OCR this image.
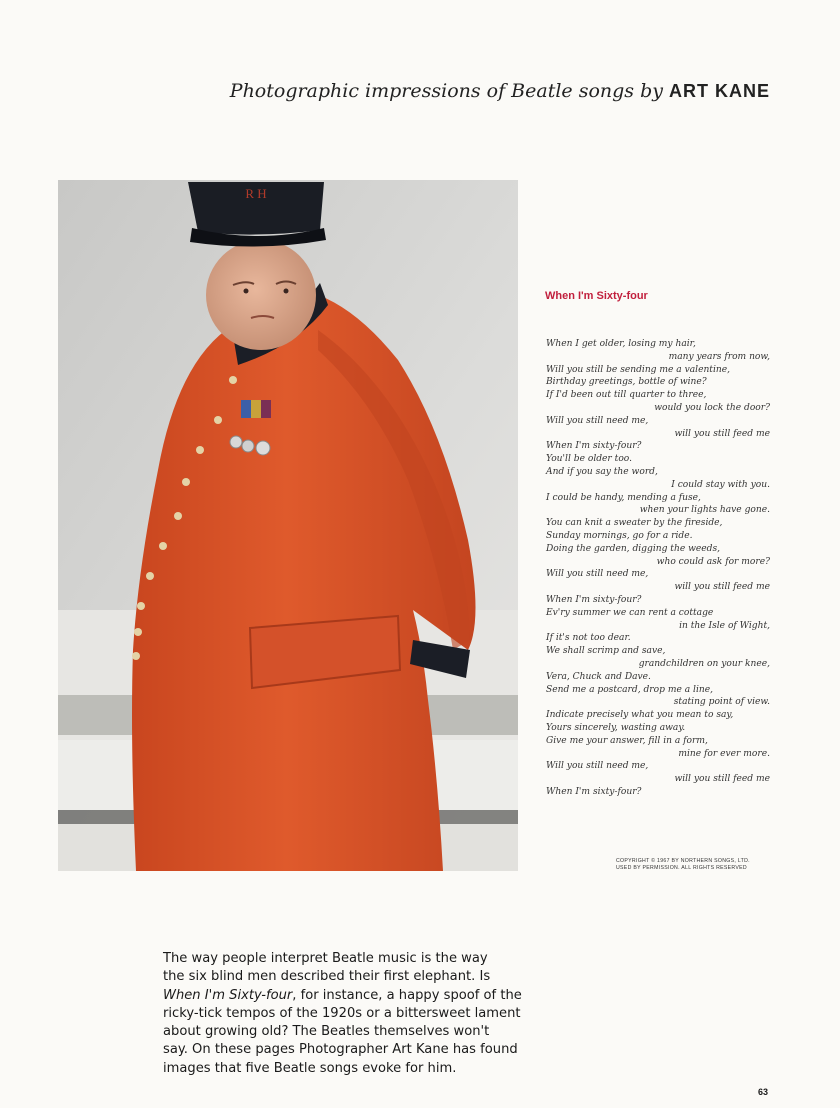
Photographic impressions of Beatle songs by ART KANE
R H
When I'm Sixty-four
When I get older, losing my hair,
many years from now,
Will you still be sending me a valentine,
Birthday greetings, bottle of wine?
If I'd been out till quarter to three,
would you lock the door?
Will you still need me,
will you still feed me
When I'm sixty-four?
You'll be older too.
And if you say the word,
I could stay with you.
I could be handy, mending a fuse,
when your lights have gone.
You can knit a sweater by the fireside,
Sunday mornings, go for a ride.
Doing the garden, digging the weeds,
who could ask for more?
Will you still need me,
will you still feed me
When I'm sixty-four?
Ev'ry summer we can rent a cottage
in the Isle of Wight,
If it's not too dear.
We shall scrimp and save,
grandchildren on your knee,
Vera, Chuck and Dave.
Send me a postcard, drop me a line,
stating point of view.
Indicate precisely what you mean to say,
Yours sincerely, wasting away.
Give me your answer, fill in a form,
mine for ever more.
Will you still need me,
will you still feed me
When I'm sixty-four?
COPYRIGHT © 1967 BY NORTHERN SONGS, LTD.
USED BY PERMISSION. ALL RIGHTS RESERVED
The way people interpret Beatle music is the way
the six blind men described their first elephant. Is
When I'm Sixty-four, for instance, a happy spoof of the
ricky-tick tempos of the 1920s or a bittersweet lament
about growing old? The Beatles themselves won't
say. On these pages Photographer Art Kane has found
images that five Beatle songs evoke for him.
63
